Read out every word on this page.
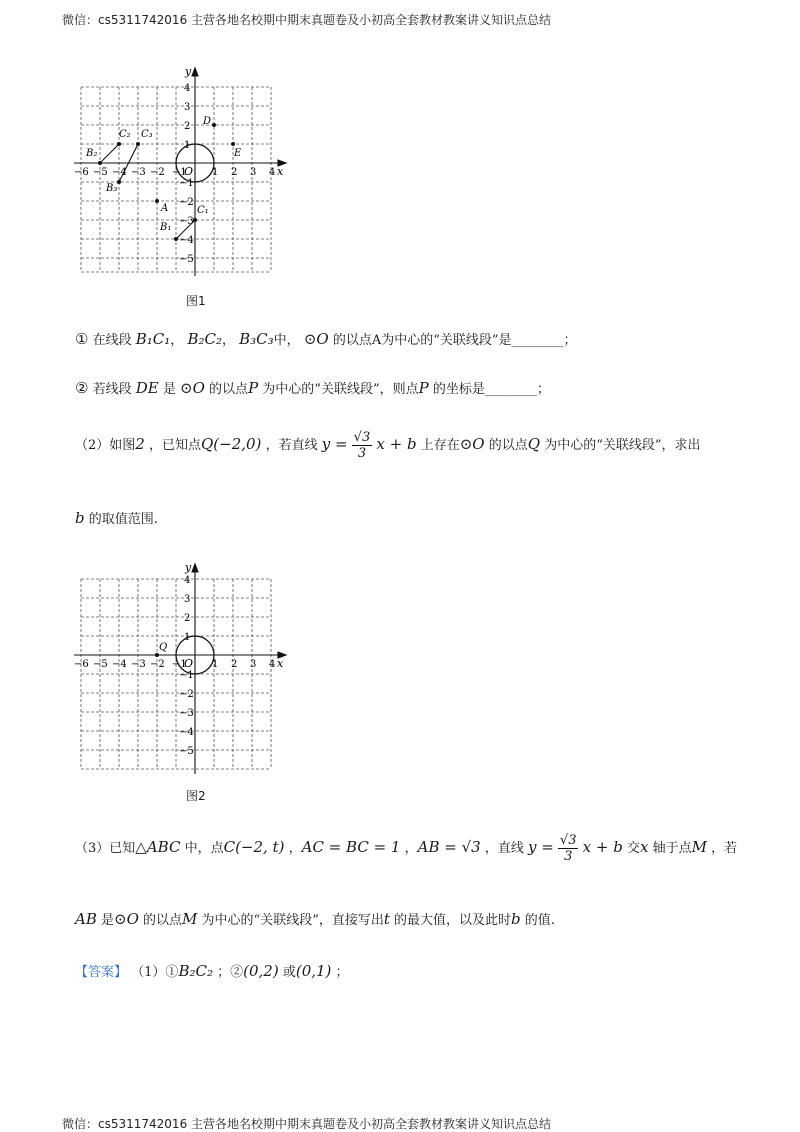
微信：cs5311742016 主营各地名校期中期末真题卷及小初高全套教材教案讲义知识点总结
y
x
O
−6 −5 −4 −3 −2 −1	1 2 3 4
4
3
2
1
−1
−2
−3
−4
−5
D
E
A
B₂
C₂ C₃
B₃
B₁
C₁
图1
① 在线段 B₁C₁， B₂C₂， B₃C₃中， ⊙O 的以点A为中心的“关联线段”是________；
② 若线段 DE 是 ⊙O 的以点P 为中心的“关联线段”，则点P 的坐标是________；
（2）如图2 ，已知点Q(−2,0) ，若直线 $y = \frac{√3}{3}$ x + b 上存在⊙O 的以点Q 为中心的“关联线段”，求出
b 的取值范围.
y
x
O
−6 −5 −4 −3 −2 −1	1 2 3 4
4
3
2
1
−1
−2
−3
−4
−5
Q
图2
（3）已知△ABC 中，点C(−2, t) ，AC = BC = 1 ，AB = √3 ，直线 $y = \frac{√3}{3}$ x + b 交x 轴于点M ，若
AB 是⊙O 的以点M 为中心的“关联线段”，直接写出t 的最大值，以及此时b 的值.
【答案】 （1）①B₂C₂ ；②(0,2) 或(0,1) ；
微信：cs5311742016 主营各地名校期中期末真题卷及小初高全套教材教案讲义知识点总结
